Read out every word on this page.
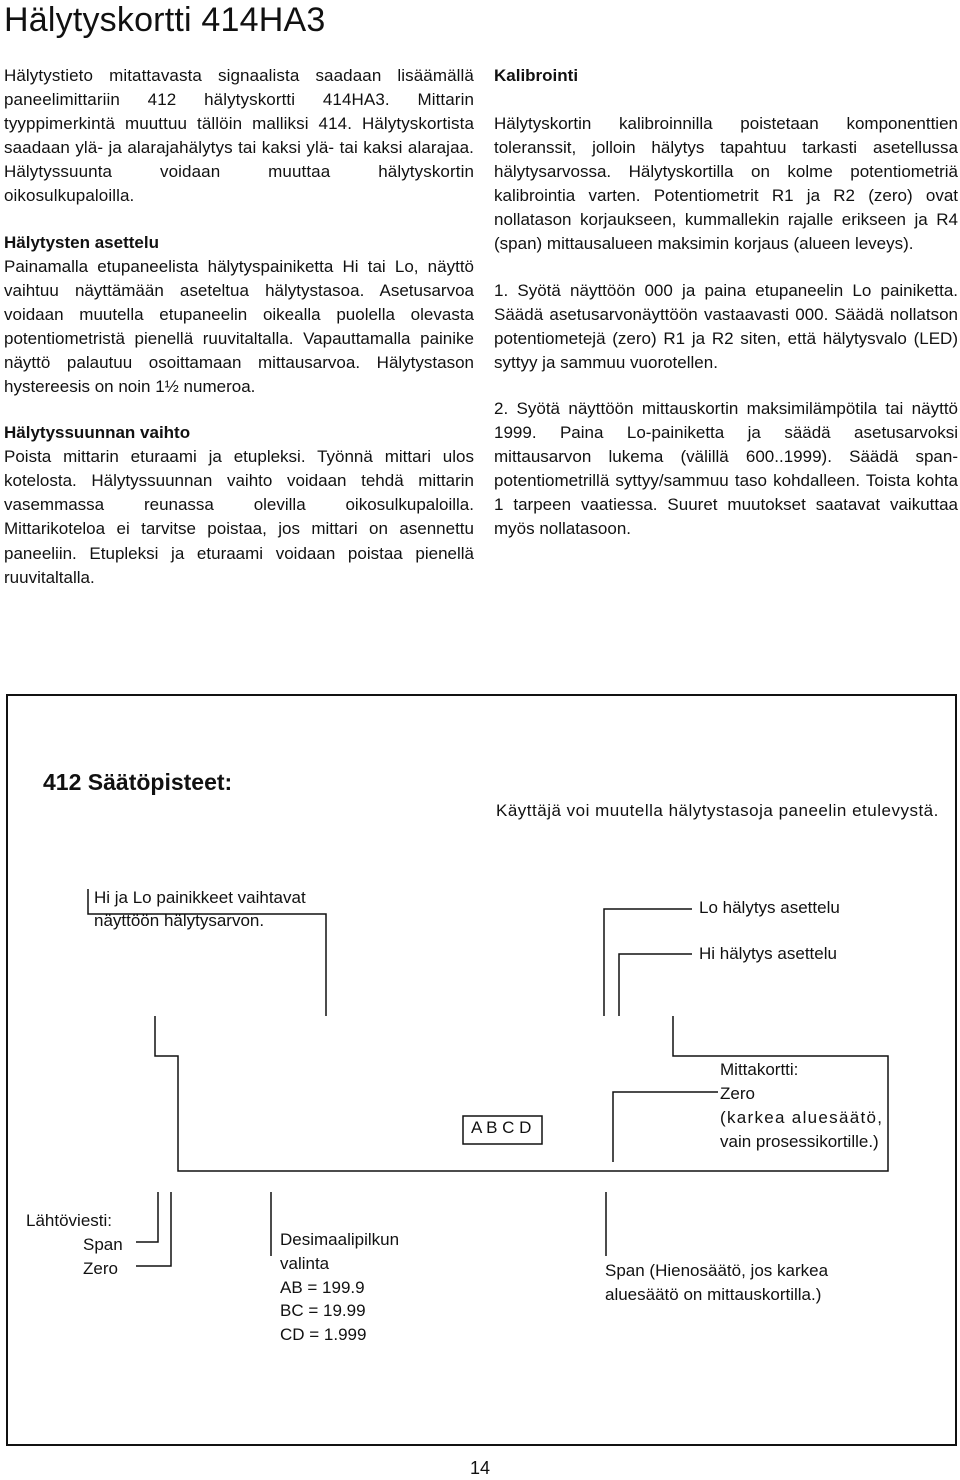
Hälytyskortti 414HA3

Hälytystieto mitattavasta signaalista saadaan lisäämällä paneelimittariin 412 hälytyskortti 414HA3. Mittarin tyyppimerkintä muuttuu tällöin malliksi 414. Hälytyskortista saadaan ylä- ja alarajahälytys tai kaksi ylä- tai kaksi alarajaa. Hälytyssuunta voidaan muuttaa hälytyskortin oikosulkupaloilla.

Hälytysten asettelu

Painamalla etupaneelista hälytyspainiketta Hi tai Lo, näyttö vaihtuu näyttämään aseteltua hälytystasoa. Asetusarvoa voidaan muutella etupaneelin oikealla puolella olevasta potentiometristä pienellä ruuvitaltalla. Vapauttamalla painike näyttö palautuu osoittamaan mittausarvoa. Hälytystason hystereesis on noin 1½ numeroa.

Hälytyssuunnan vaihto

Poista mittarin eturaami ja etupleksi. Työnnä mittari ulos kotelosta. Hälytyssuunnan vaihto voidaan tehdä mittarin vasemmassa reunassa olevilla oikosulkupaloilla. Mittarikoteloa ei tarvitse poistaa, jos mittari on asennettu paneeliin. Etupleksi ja eturaami voidaan poistaa pienellä ruuvitaltalla.

Kalibrointi

Hälytyskortin kalibroinnilla poistetaan komponenttien toleranssit, jolloin hälytys tapahtuu tarkasti asetellussa hälytysarvossa. Hälytyskortilla on kolme potentiometriä kalibrointia varten. Potentiometrit R1 ja R2 (zero) ovat nollatason korjaukseen, kummallekin rajalle erikseen ja R4 (span) mittausalueen maksimin korjaus (alueen leveys).

1. Syötä näyttöön 000 ja paina etupaneelin Lo painiketta. Säädä asetusarvonäyttöön vastaavasti 000. Säädä nollatson potentiometejä (zero) R1 ja R2 siten, että hälytysvalo (LED) syttyy ja sammuu vuorotellen.

2. Syötä näyttöön mittauskortin maksimilämpötila tai näyttö 1999. Paina Lo-painiketta ja säädä asetusarvoksi mittausarvon lukema (välillä 600..1999). Säädä span-potentiometrillä syttyy/sammuu taso kohdalleen. Toista kohta 1 tarpeen vaatiessa. Suuret muutokset saatavat vaikuttaa myös nollatasoon.

412 Säätöpisteet:
Käyttäjä voi muutella hälytystasoja paneelin etulevystä.
Hi ja Lo painikkeet vaihtavat
näyttöön hälytysarvon.
Lo hälytys asettelu
Hi hälytys asettelu
A B C D
Mittakortti:
Zero
(karkea aluesäätö,
vain prosessikortille.)
Lähtöviesti:
Span
Zero
Desimaalipilkun
valinta
AB = 199.9
BC = 19.99
CD = 1.999
Span (Hienosäätö, jos karkea
aluesäätö on mittauskortilla.)
14
